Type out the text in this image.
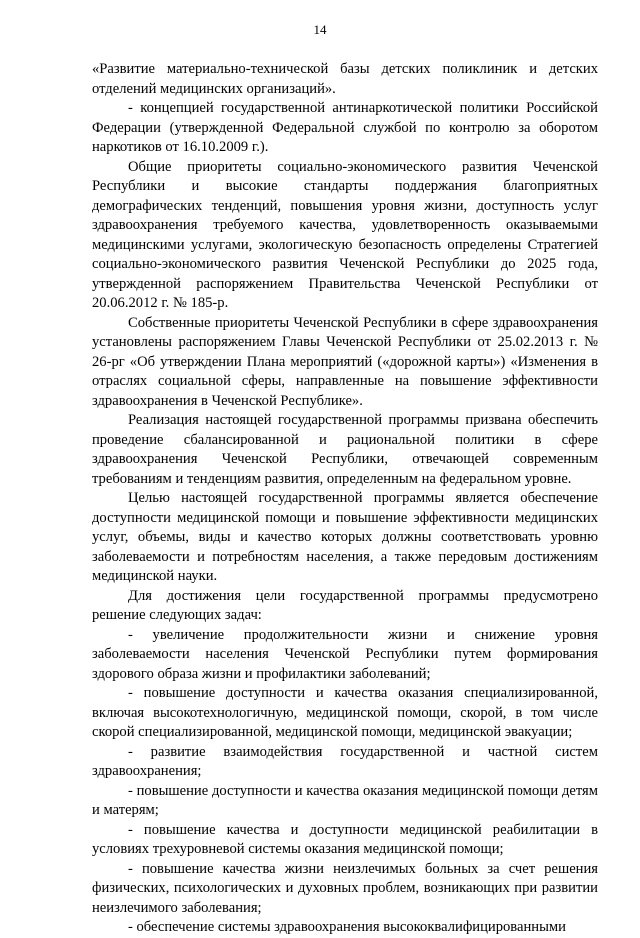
14

«Развитие материально-технической базы детских поликлиник и детских отделений медицинских организаций».

- концепцией государственной антинаркотической политики Российской Федерации (утвержденной Федеральной службой по контролю за оборотом наркотиков от 16.10.2009 г.).

Общие приоритеты социально-экономического развития Чеченской Республики и высокие стандарты поддержания благоприятных демографических тенденций, повышения уровня жизни, доступность услуг здравоохранения требуемого качества, удовлетворенность оказываемыми медицинскими услугами, экологическую безопасность определены Стратегией социально-экономического развития Чеченской Республики до 2025 года, утвержденной распоряжением Правительства Чеченской Республики от 20.06.2012 г. № 185-р.

Собственные приоритеты Чеченской Республики в сфере здравоохранения установлены распоряжением Главы Чеченской Республики от 25.02.2013 г. № 26-рг «Об утверждении Плана мероприятий («дорожной карты») «Изменения в отраслях социальной сферы, направленные на повышение эффективности здравоохранения в Чеченской Республике».

Реализация настоящей государственной программы призвана обеспечить проведение сбалансированной и рациональной политики в сфере здравоохранения Чеченской Республики, отвечающей современным требованиям и тенденциям развития, определенным на федеральном уровне.

Целью настоящей государственной программы является обеспечение доступности медицинской помощи и повышение эффективности медицинских услуг, объемы, виды и качество которых должны соответствовать уровню заболеваемости и потребностям населения, а также передовым достижениям медицинской науки.

Для достижения цели государственной программы предусмотрено решение следующих задач:

- увеличение продолжительности жизни и снижение уровня заболеваемости населения Чеченской Республики путем формирования здорового образа жизни и профилактики заболеваний;

- повышение доступности и качества оказания специализированной, включая высокотехнологичную, медицинской помощи, скорой, в том числе скорой специализированной, медицинской помощи, медицинской эвакуации;

- развитие взаимодействия государственной и частной систем здравоохранения;

- повышение доступности и качества оказания медицинской помощи детям и матерям;

- повышение качества и доступности медицинской реабилитации в условиях трехуровневой системы оказания медицинской помощи;

- повышение качества жизни неизлечимых больных за счет решения физических, психологических и духовных проблем, возникающих при развитии неизлечимого заболевания;

- обеспечение системы здравоохранения высококвалифицированными
